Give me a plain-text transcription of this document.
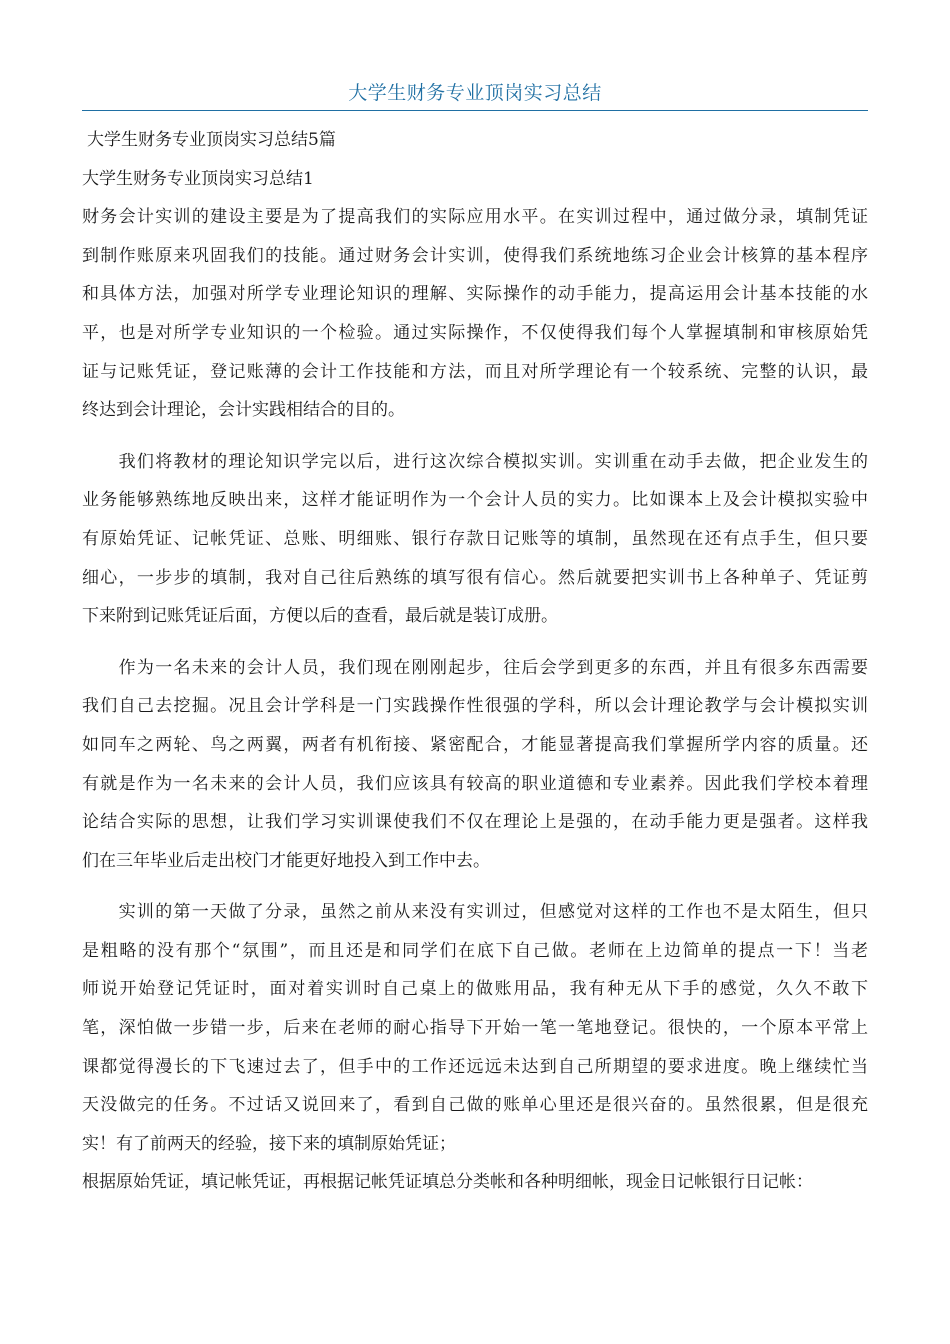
大学生财务专业顶岗实习总结
大学生财务专业顶岗实习总结5篇
大学生财务专业顶岗实习总结1
财务会计实训的建设主要是为了提高我们的实际应用水平。在实训过程中，通过做分录，填制凭证
到制作账原来巩固我们的技能。通过财务会计实训，使得我们系统地练习企业会计核算的基本程序
和具体方法，加强对所学专业理论知识的理解、实际操作的动手能力，提高运用会计基本技能的水
平，也是对所学专业知识的一个检验。通过实际操作，不仅使得我们每个人掌握填制和审核原始凭
证与记账凭证，登记账薄的会计工作技能和方法，而且对所学理论有一个较系统、完整的认识，最
终达到会计理论，会计实践相结合的目的。
　　我们将教材的理论知识学完以后，进行这次综合模拟实训。实训重在动手去做，把企业发生的
业务能够熟练地反映出来，这样才能证明作为一个会计人员的实力。比如课本上及会计模拟实验中
有原始凭证、记帐凭证、总账、明细账、银行存款日记账等的填制，虽然现在还有点手生，但只要
细心，一步步的填制，我对自己往后熟练的填写很有信心。然后就要把实训书上各种单子、凭证剪
下来附到记账凭证后面，方便以后的查看，最后就是装订成册。
　　作为一名未来的会计人员，我们现在刚刚起步，往后会学到更多的东西，并且有很多东西需要
我们自己去挖掘。况且会计学科是一门实践操作性很强的学科，所以会计理论教学与会计模拟实训
如同车之两轮、鸟之两翼，两者有机衔接、紧密配合，才能显著提高我们掌握所学内容的质量。还
有就是作为一名未来的会计人员，我们应该具有较高的职业道德和专业素养。因此我们学校本着理
论结合实际的思想，让我们学习实训课使我们不仅在理论上是强的，在动手能力更是强者。这样我
们在三年毕业后走出校门才能更好地投入到工作中去。
　　实训的第一天做了分录，虽然之前从来没有实训过，但感觉对这样的工作也不是太陌生，但只
是粗略的没有那个“氛围”，而且还是和同学们在底下自己做。老师在上边简单的提点一下！当老
师说开始登记凭证时，面对着实训时自己桌上的做账用品，我有种无从下手的感觉，久久不敢下
笔，深怕做一步错一步，后来在老师的耐心指导下开始一笔一笔地登记。很快的，一个原本平常上
课都觉得漫长的下飞速过去了，但手中的工作还远远未达到自己所期望的要求进度。晚上继续忙当
天没做完的任务。不过话又说回来了，看到自己做的账单心里还是很兴奋的。虽然很累，但是很充
实！有了前两天的经验，接下来的填制原始凭证；
根据原始凭证，填记帐凭证，再根据记帐凭证填总分类帐和各种明细帐，现金日记帐银行日记帐：
